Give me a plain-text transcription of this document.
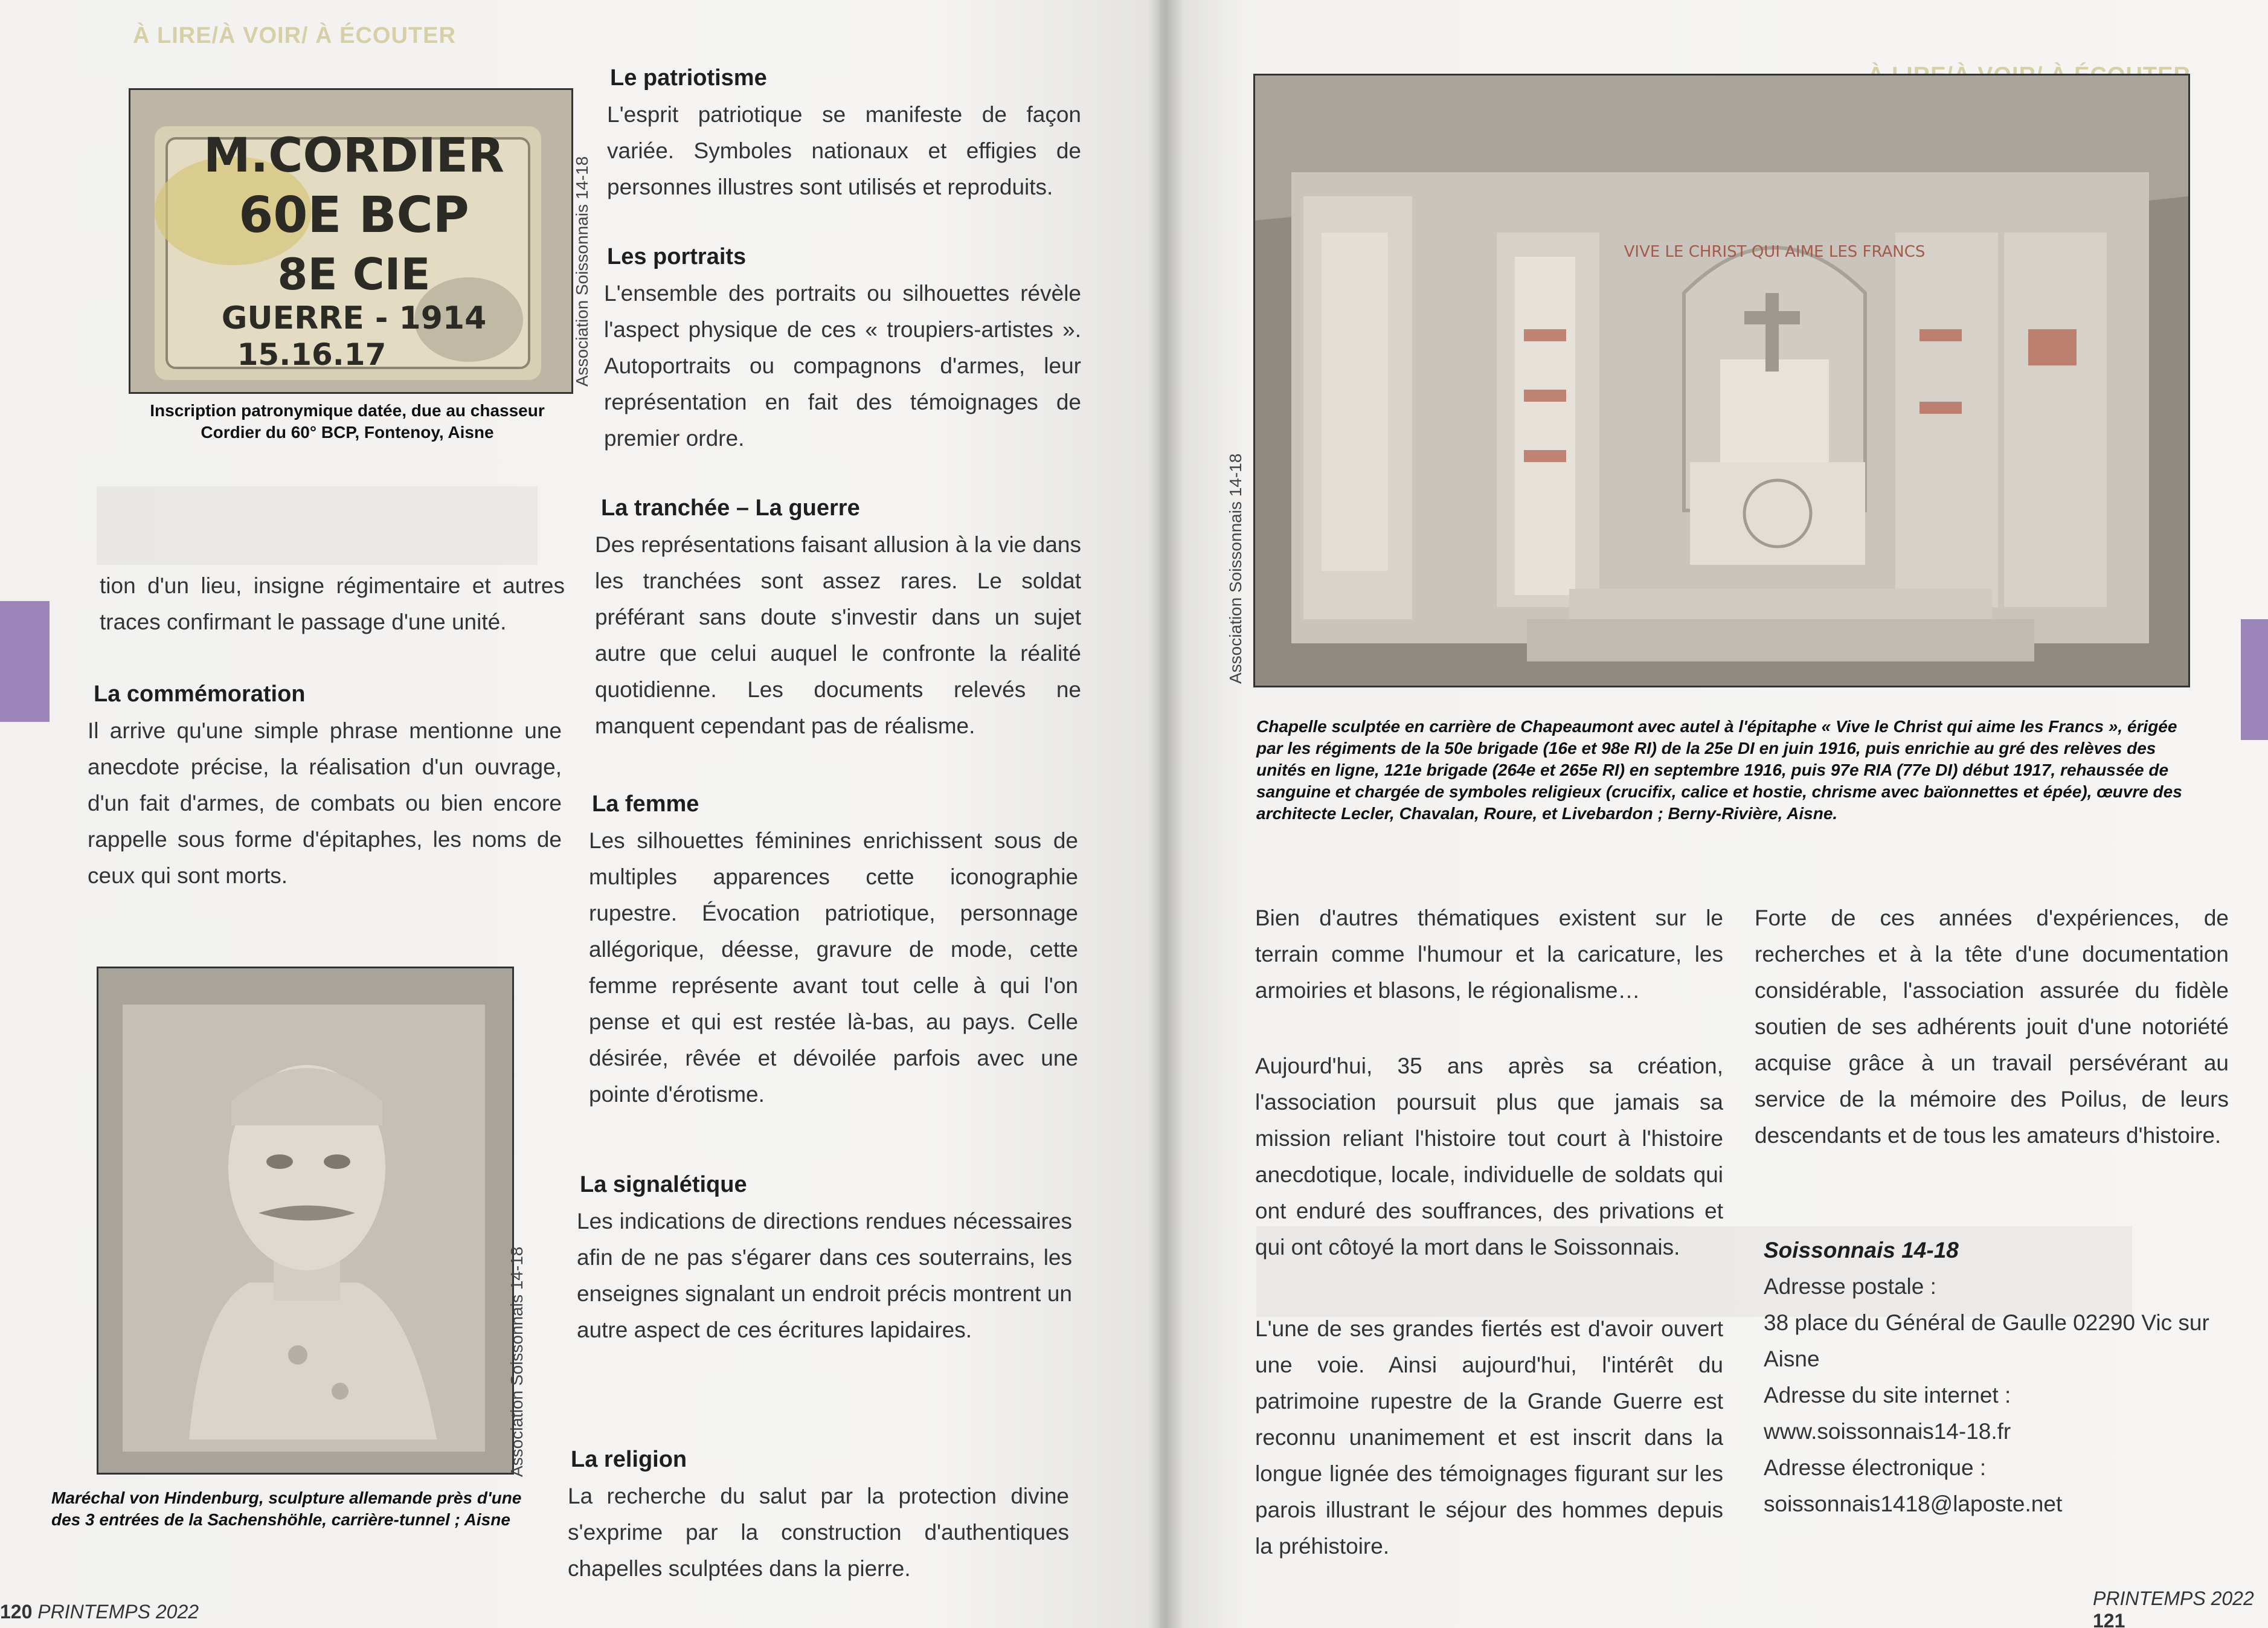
À LIRE/À VOIR/ À ÉCOUTER
M.CORDIER
60E BCP
8E CIE
GUERRE - 1914
15.16.17	Association Soissonnais 14-18
Inscription patronymique datée, due au chasseur Cordier du 60° BCP, Fontenoy, Aisne
Association Soissonnais 14-18
Maréchal von Hindenburg, sculpture allemande près d'une des 3 entrées de la Sachenshöhle, carrière-tunnel ; Aisne
tion d'un lieu, insigne régimentaire et autres traces confirmant le passage d'une unité.
La commémoration
Il arrive qu'une simple phrase mentionne une anecdote précise, la réalisation d'un ouvrage, d'un fait d'armes, de combats ou bien encore rappelle sous forme d'épitaphes, les noms de ceux qui sont morts.
Le patriotisme
L'esprit patriotique se manifeste de façon variée. Symboles nationaux et effigies de personnes illustres sont utilisés et reproduits.
Les portraits
L'ensemble des portraits ou silhouettes révèle l'aspect physique de ces « troupiers-artistes ». Autoportraits ou compagnons d'armes, leur représentation en fait des témoignages de premier ordre.
La tranchée – La guerre
Des représentations faisant allusion à la vie dans les tranchées sont assez rares. Le soldat préférant sans doute s'investir dans un sujet autre que celui auquel le confronte la réalité quotidienne. Les documents relevés ne manquent cependant pas de réalisme.
La femme
Les silhouettes féminines enrichissent sous de multiples apparences cette iconographie rupestre. Évocation patriotique, personnage allégorique, déesse, gravure de mode, cette femme représente avant tout celle à qui l'on pense et qui est restée là-bas, au pays. Celle désirée, rêvée et dévoilée parfois avec une pointe d'érotisme.
La signalétique
Les indications de directions rendues nécessaires afin de ne pas s'égarer dans ces souterrains, les enseignes signalant un endroit précis montrent un autre aspect de ces écritures lapidaires.
La religion
La recherche du salut par la protection divine s'exprime par la construction d'authentiques chapelles sculptées dans la pierre.
120 PRINTEMPS 2022
VIVE LE CHRIST QUI AIME LES FRANCS
Association Soissonnais 14-18
Chapelle sculptée en carrière de Chapeaumont avec autel à l'épitaphe « Vive le Christ qui aime les Francs », érigée par les régiments de la 50e brigade (16e et 98e RI) de la 25e DI en juin 1916, puis enrichie au gré des relèves des unités en ligne, 121e brigade (264e et 265e RI) en septembre 1916, puis 97e RIA (77e DI) début 1917, rehaussée de sanguine et chargée de symboles religieux (crucifix, calice et hostie, chrisme avec baïonnettes et épée), œuvre des architecte Lecler, Chavalan, Roure, et Livebardon ; Berny-Rivière, Aisne.
Bien d'autres thématiques existent sur le terrain comme l'humour et la caricature, les armoiries et blasons, le régionalisme…
Aujourd'hui, 35 ans après sa création, l'association poursuit plus que jamais sa mission reliant l'histoire tout court à l'histoire anecdotique, locale, individuelle de soldats qui ont enduré des souffrances, des privations et qui ont côtoyé la mort dans le Soissonnais.
L'une de ses grandes fiertés est d'avoir ouvert une voie. Ainsi aujourd'hui, l'intérêt du patrimoine rupestre de la Grande Guerre est reconnu unanimement et est inscrit dans la longue lignée des témoignages figurant sur les parois illustrant le séjour des hommes depuis la préhistoire.
Forte de ces années d'expériences, de recherches et à la tête d'une documentation considérable, l'association assurée du fidèle soutien de ses adhérents jouit d'une notoriété acquise grâce à un travail persévérant au service de la mémoire des Poilus, de leurs descendants et de tous les amateurs d'histoire.
Soissonnais 14-18
Adresse postale :
38 place du Général de Gaulle 02290 Vic sur Aisne
Adresse du site internet :
www.soissonnais14-18.fr
Adresse électronique :
soissonnais1418@laposte.net
PRINTEMPS 2022 121
